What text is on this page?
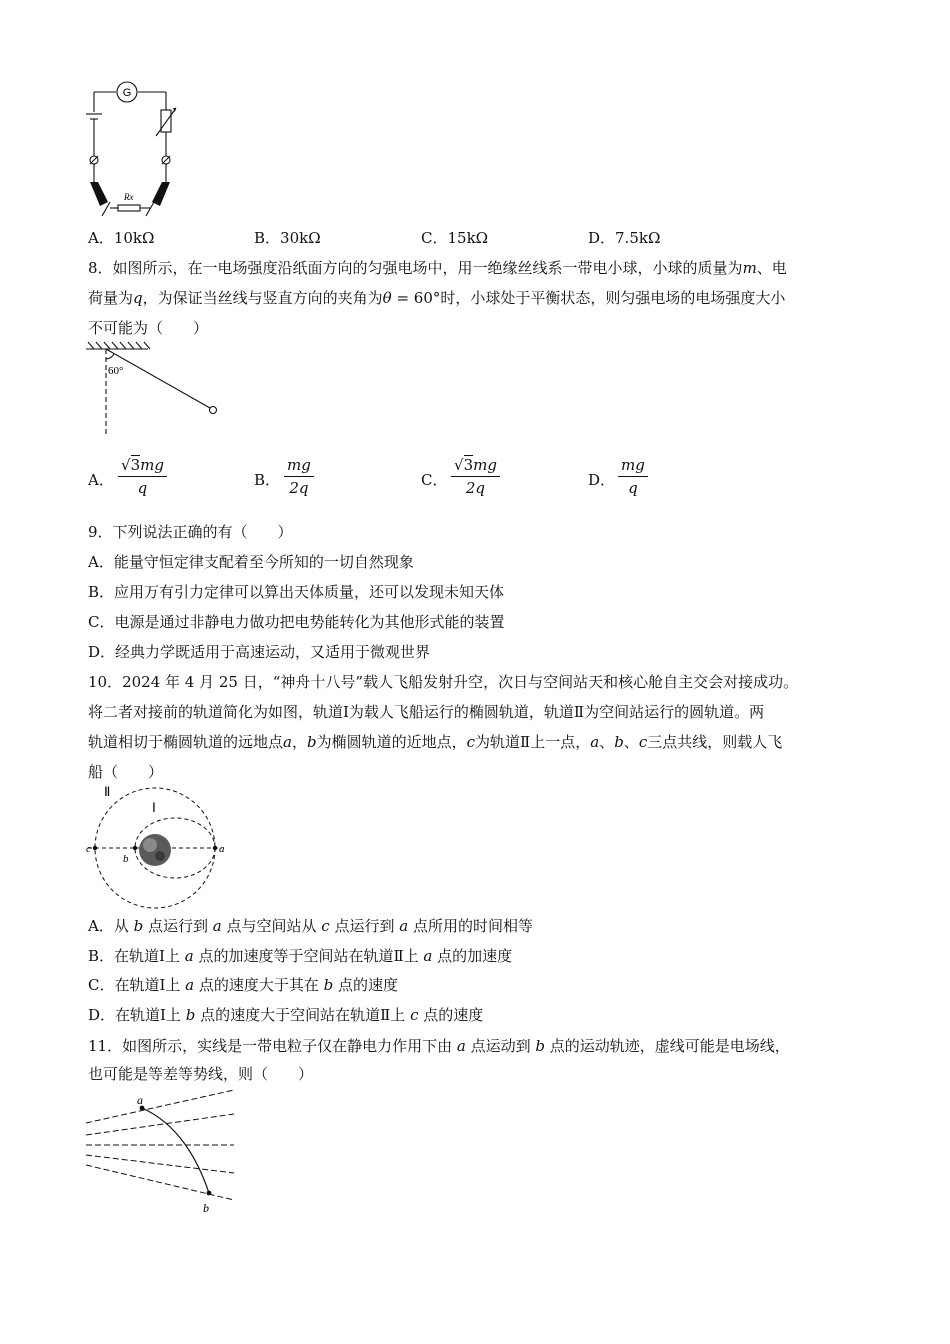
G
Rx
A．10kΩ	B．30kΩ	C．15kΩ	D．7.5kΩ
8．如图所示，在一电场强度沿纸面方向的匀强电场中，用一绝缘丝线系一带电小球，小球的质量为m、电
荷量为q，为保证当丝线与竖直方向的夹角为θ = 60°时，小球处于平衡状态，则匀强电场的电场强度大小
不可能为（　　）
60°
A． $\frac{√3mg}{q}$	B． $\frac{mg}{2q}$	C． $\frac{√3mg}{2q}$	D． $\frac{mg}{q}$
9．下列说法正确的有（　　）
A．能量守恒定律支配着至今所知的一切自然现象
B．应用万有引力定律可以算出天体质量，还可以发现未知天体
C．电源是通过非静电力做功把电势能转化为其他形式能的装置
D．经典力学既适用于高速运动，又适用于微观世界
10．2024 年 4 月 25 日，“神舟十八号”载人飞船发射升空，次日与空间站天和核心舱自主交会对接成功。
将二者对接前的轨道简化为如图，轨道Ⅰ为载人飞船运行的椭圆轨道，轨道Ⅱ为空间站运行的圆轨道。两
轨道相切于椭圆轨道的远地点a，b为椭圆轨道的近地点，c为轨道Ⅱ上一点，a、b、c三点共线，则载人飞
船（　　）
Ⅱ
Ⅰ
c
b
a
A．从 b 点运行到 a 点与空间站从 c 点运行到 a 点所用的时间相等
B．在轨道Ⅰ上 a 点的加速度等于空间站在轨道Ⅱ上 a 点的加速度
C．在轨道Ⅰ上 a 点的速度大于其在 b 点的速度
D．在轨道Ⅰ上 b 点的速度大于空间站在轨道Ⅱ上 c 点的速度
11．如图所示，实线是一带电粒子仅在静电力作用下由 a 点运动到 b 点的运动轨迹，虚线可能是电场线，
也可能是等差等势线，则（　　）
a
b
